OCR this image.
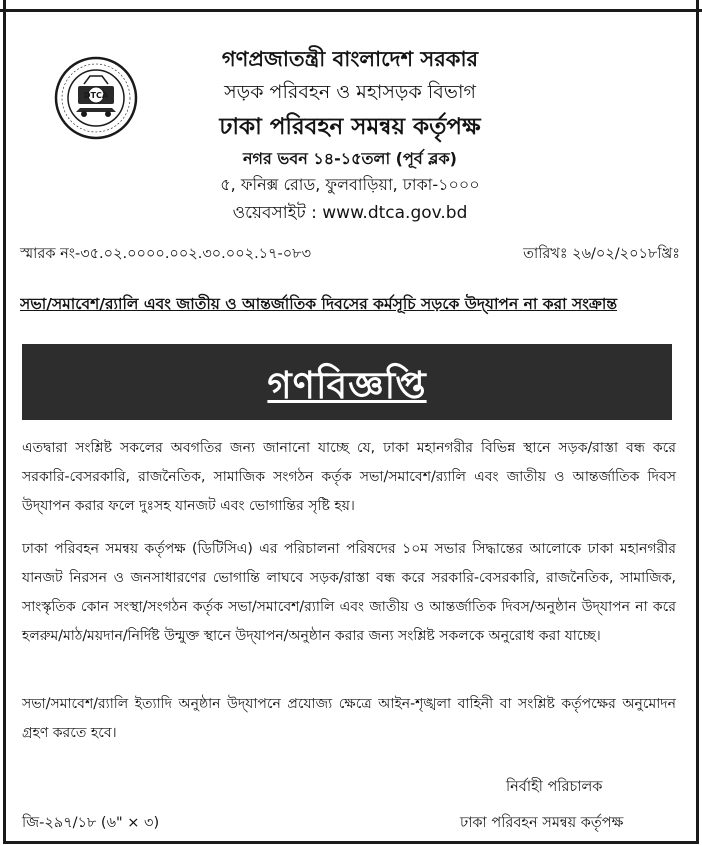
DTCA
গণপ্রজাতন্ত্রী বাংলাদেশ সরকার
সড়ক পরিবহন ও মহাসড়ক বিভাগ
ঢাকা পরিবহন সমন্বয় কর্তৃপক্ষ
নগর ভবন ১৪-১৫তলা (পূর্ব ব্লক)
৫, ফনিক্স রোড, ফুলবাড়িয়া, ঢাকা-১০০০
ওয়েবসাইট : www.dtca.gov.bd
স্মারক নং-৩৫.০২.০০০০.০০২.৩০.০০২.১৭-০৮৩	তারিখঃ ২৬/০২/২০১৮খ্রিঃ
সভা/সমাবেশ/র‌্যালি এবং জাতীয় ও আন্তর্জাতিক দিবসের কর্মসূচি সড়কে উদ্‌যাপন না করা সংক্রান্ত
গণবিজ্ঞপ্তি
এতদ্বারা সংশ্লিষ্ট সকলের অবগতির জন্য জানানো যাচ্ছে যে, ঢাকা মহানগরীর বিভিন্ন স্থানে সড়ক/রাস্তা বন্ধ করে সরকারি-বেসরকারি, রাজনৈতিক, সামাজিক সংগঠন কর্তৃক সভা/সমাবেশ/র‌্যালি এবং জাতীয় ও আন্তর্জাতিক দিবস উদ্‌যাপন করার ফলে দুঃসহ যানজট এবং ভোগান্তির সৃষ্টি হয়।
ঢাকা পরিবহন সমন্বয় কর্তৃপক্ষ (ডিটিসিএ) এর পরিচালনা পরিষদের ১০ম সভার সিদ্ধান্তের আলোকে ঢাকা মহানগরীর যানজট নিরসন ও জনসাধারণের ভোগান্তি লাঘবে সড়ক/রাস্তা বন্ধ করে সরকারি-বেসরকারি, রাজনৈতিক, সামাজিক, সাংস্কৃতিক কোন সংস্থা/সংগঠন কর্তৃক সভা/সমাবেশ/র‌্যালি এবং জাতীয় ও আন্তর্জাতিক দিবস/অনুষ্ঠান উদ্‌যাপন না করে হলরুম/মাঠ/ময়দান/নির্দিষ্ট উন্মুক্ত স্থানে উদ্‌যাপন/অনুষ্ঠান করার জন্য সংশ্লিষ্ট সকলকে অনুরোধ করা যাচ্ছে।
সভা/সমাবেশ/র‌্যালি ইত্যাদি অনুষ্ঠান উদ্‌যাপনে প্রযোজ্য ক্ষেত্রে আইন-শৃঙ্খলা বাহিনী বা সংশ্লিষ্ট কর্তৃপক্ষের অনুমোদন গ্রহণ করতে হবে।
নির্বাহী পরিচালক
ঢাকা পরিবহন সমন্বয় কর্তৃপক্ষ
জি-২৯৭/১৮ (৬" × ৩)
